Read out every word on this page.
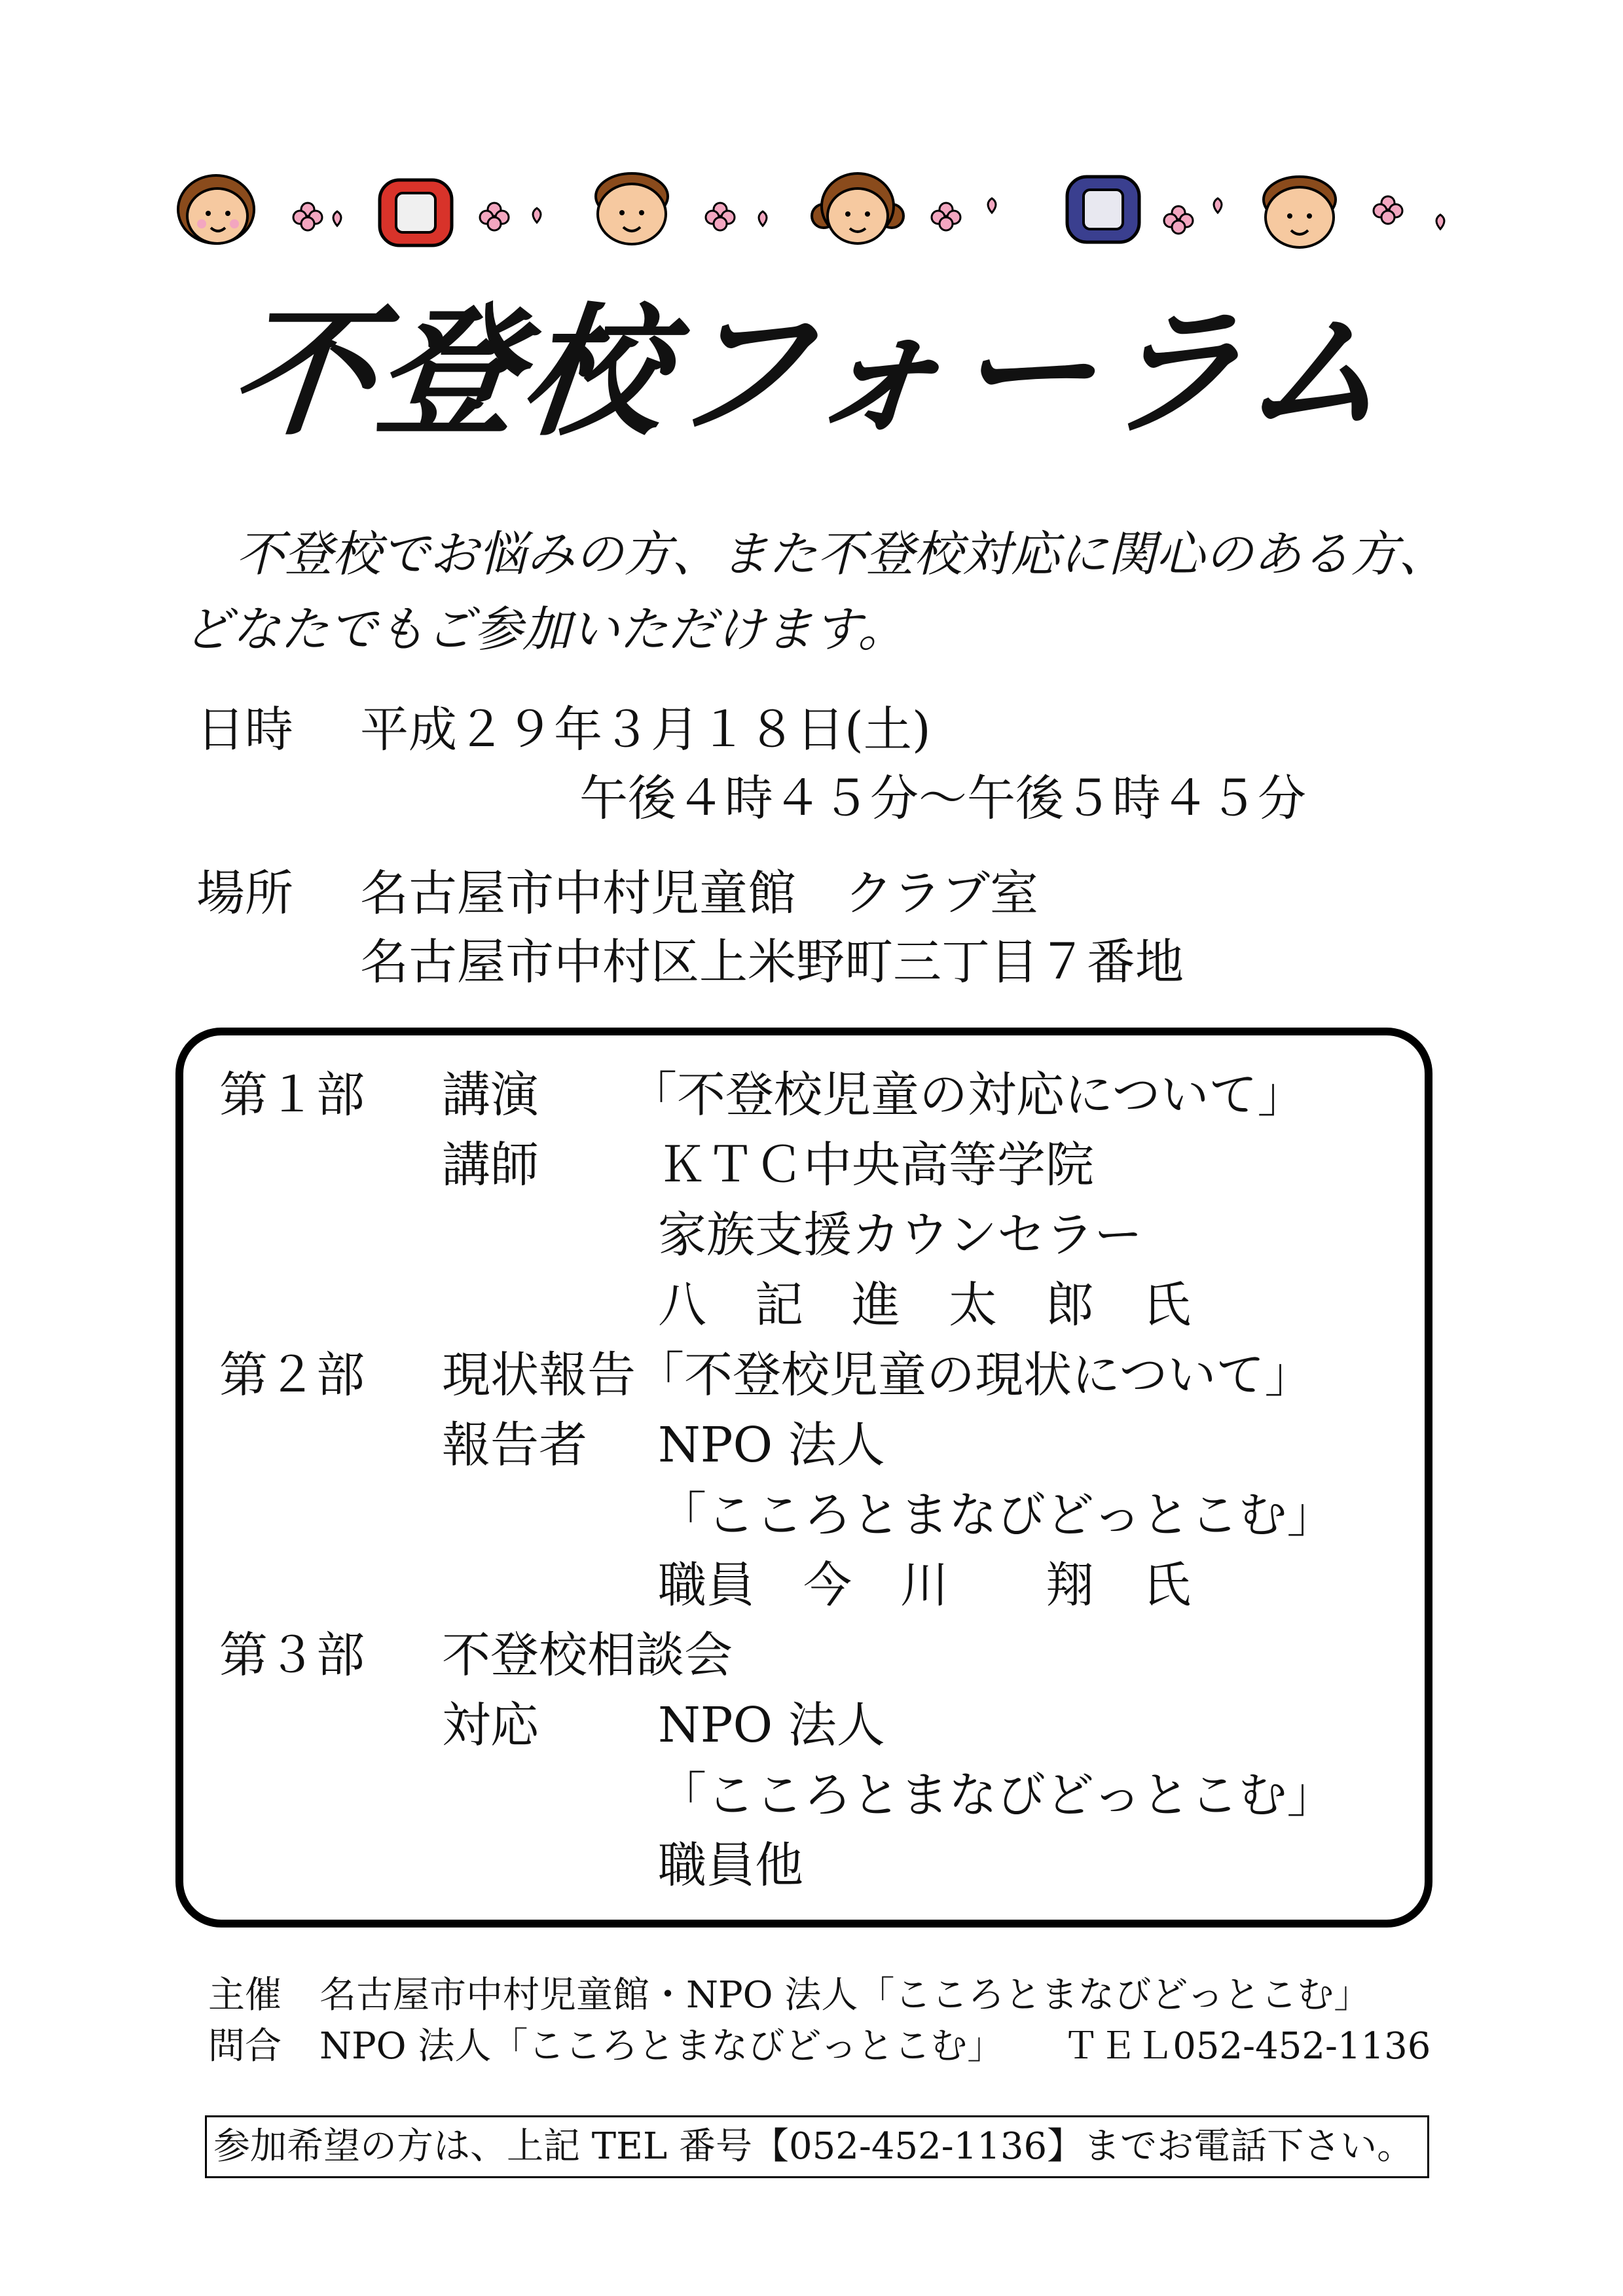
不登校フォーラム
不登校でお悩みの方、また不登校対応に関心のある方、どなたでもご参加いただけます。
日時 平成２９年３月１８日(土)
午後４時４５分～午後５時４５分
場所 名古屋市中村児童館　クラブ室
名古屋市中村区上米野町三丁目７番地
第１部 講演 「不登校児童の対応について」
講師 ＫＴＣ中央高等学院
家族支援カウンセラー
八　記　進　太　郎　氏
第２部 現状報告「不登校児童の現状について」
報告者 NPO 法人
「こころとまなびどっとこむ」
職員　今　川　　翔　氏
第３部 不登校相談会
対応 NPO 法人
「こころとまなびどっとこむ」
職員他
主催 名古屋市中村児童館・NPO 法人「こころとまなびどっとこむ」
問合 NPO 法人「こころとまなびどっとこむ」 ＴＥＬ052-452-1136
参加希望の方は、上記 TEL 番号【052-452-1136】までお電話下さい。
